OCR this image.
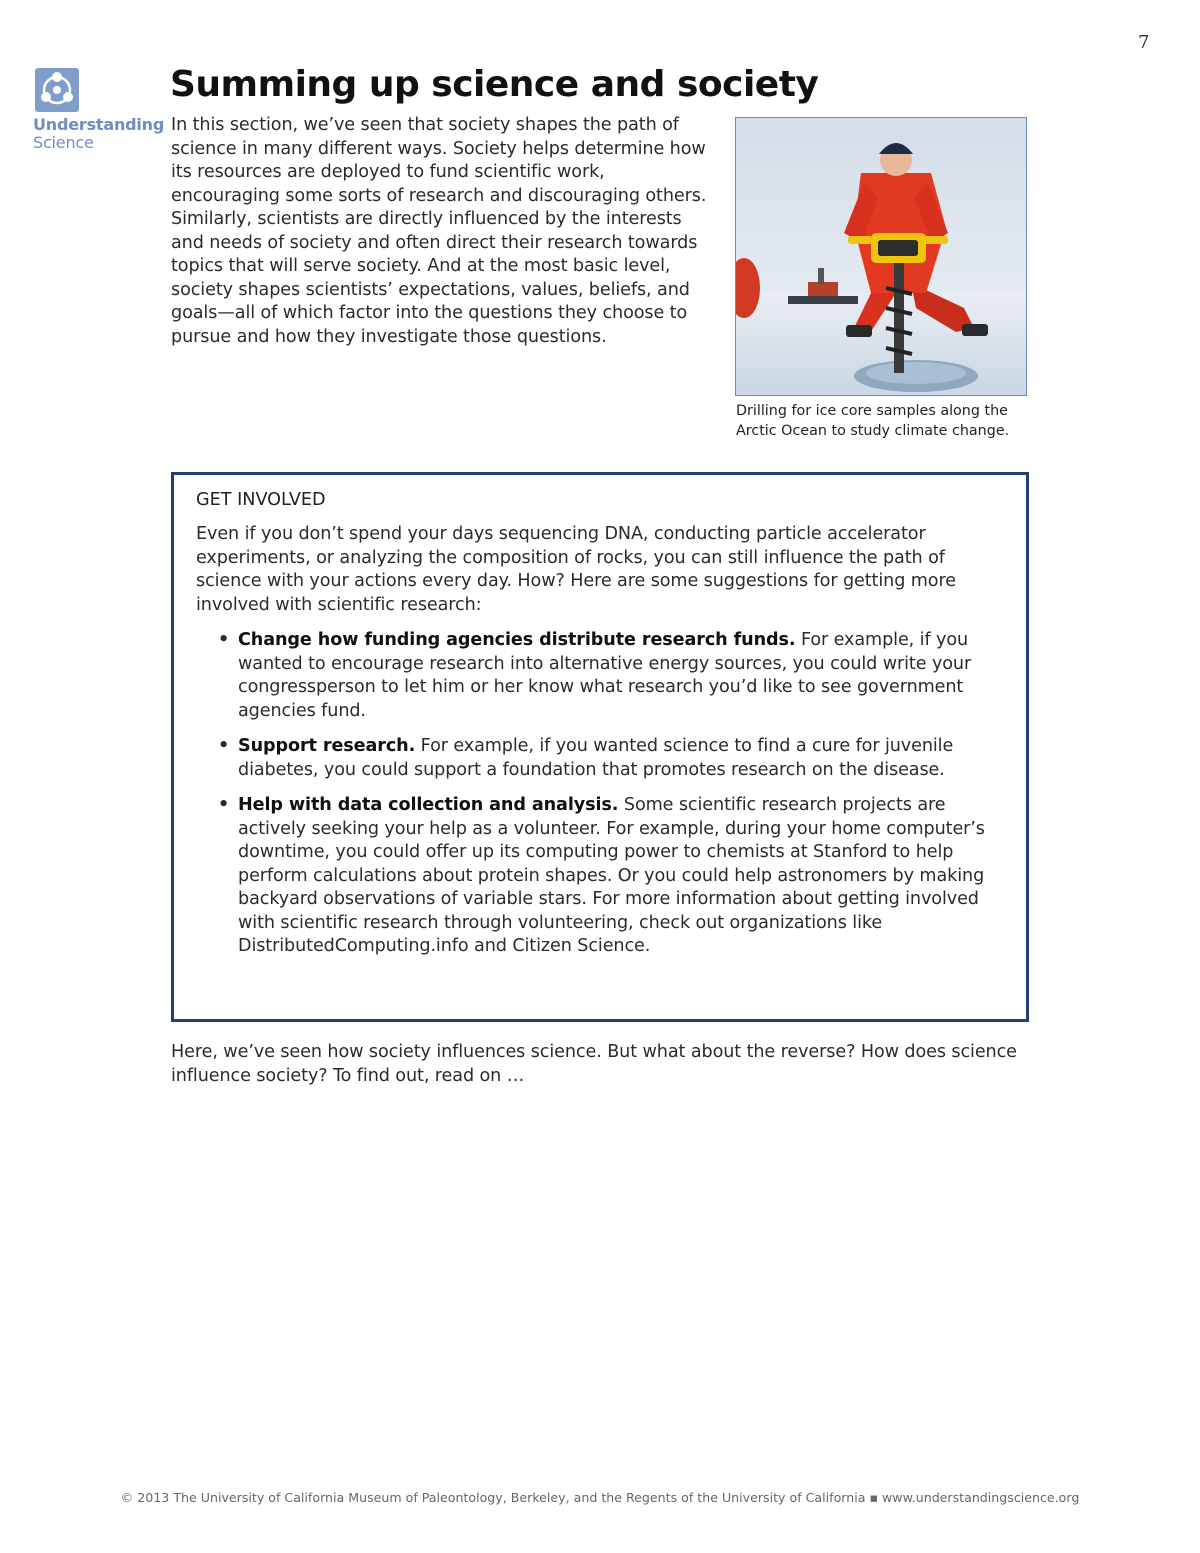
7
Understanding
Science
Summing up science and society

In this section, we’ve seen that society shapes the path of science in many different ways. Society helps determine how its resources are deployed to fund scientific work, encouraging some sorts of research and discouraging others. Similarly, scientists are directly influenced by the interests and needs of society and often direct their research towards topics that will serve society. And at the most basic level, society shapes scientists’ expectations, values, beliefs, and goals—all of which factor into the questions they choose to pursue and how they investigate those questions.

Drilling for ice core samples along the Arctic Ocean to study climate change.

GET INVOLVED

Even if you don’t spend your days sequencing DNA, conducting particle accelerator experiments, or analyzing the composition of rocks, you can still influence the path of science with your actions every day. How? Here are some suggestions for getting more involved with scientific research:

• Change how funding agencies distribute research funds. For example, if you wanted to encourage research into alternative energy sources, you could write your congressperson to let him or her know what research you’d like to see government agencies fund.
• Support research. For example, if you wanted science to find a cure for juvenile diabetes, you could support a foundation that promotes research on the disease.
• Help with data collection and analysis. Some scientific research projects are actively seeking your help as a volunteer. For example, during your home computer’s downtime, you could offer up its computing power to chemists at Stanford to help perform calculations about protein shapes. Or you could help astronomers by making backyard observations of variable stars. For more information about getting involved with scientific research through volunteering, check out organizations like DistributedComputing.info and Citizen Science.

Here, we’ve seen how society influences science. But what about the reverse? How does science influence society? To find out, read on …

© 2013 The University of California Museum of Paleontology, Berkeley, and the Regents of the University of California ▪ www.understandingscience.org
